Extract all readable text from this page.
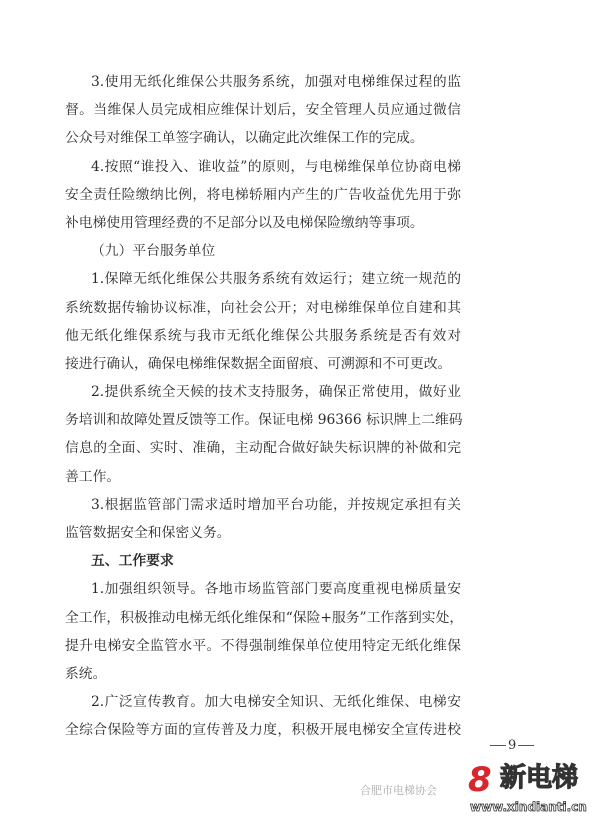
3.使用无纸化维保公共服务系统，加强对电梯维保过程的监
督。当维保人员完成相应维保计划后，安全管理人员应通过微信
公众号对维保工单签字确认，以确定此次维保工作的完成。
4.按照“谁投入、谁收益”的原则，与电梯维保单位协商电梯
安全责任险缴纳比例，将电梯轿厢内产生的广告收益优先用于弥
补电梯使用管理经费的不足部分以及电梯保险缴纳等事项。
（九）平台服务单位
1.保障无纸化维保公共服务系统有效运行；建立统一规范的
系统数据传输协议标准，向社会公开；对电梯维保单位自建和其
他无纸化维保系统与我市无纸化维保公共服务系统是否有效对
接进行确认，确保电梯维保数据全面留痕、可溯源和不可更改。
2.提供系统全天候的技术支持服务，确保正常使用，做好业
务培训和故障处置反馈等工作。保证电梯 96366 标识牌上二维码
信息的全面、实时、准确，主动配合做好缺失标识牌的补做和完
善工作。
3.根据监管部门需求适时增加平台功能，并按规定承担有关
监管数据安全和保密义务。
五、工作要求
1.加强组织领导。各地市场监管部门要高度重视电梯质量安
全工作，积极推动电梯无纸化维保和“保险+服务”工作落到实处，
提升电梯安全监管水平。不得强制维保单位使用特定无纸化维保
系统。
2.广泛宣传教育。加大电梯安全知识、无纸化维保、电梯安
全综合保险等方面的宣传普及力度，积极开展电梯安全宣传进校
9
合肥市电梯协会 8 新电梯
www.xindianti.cn
